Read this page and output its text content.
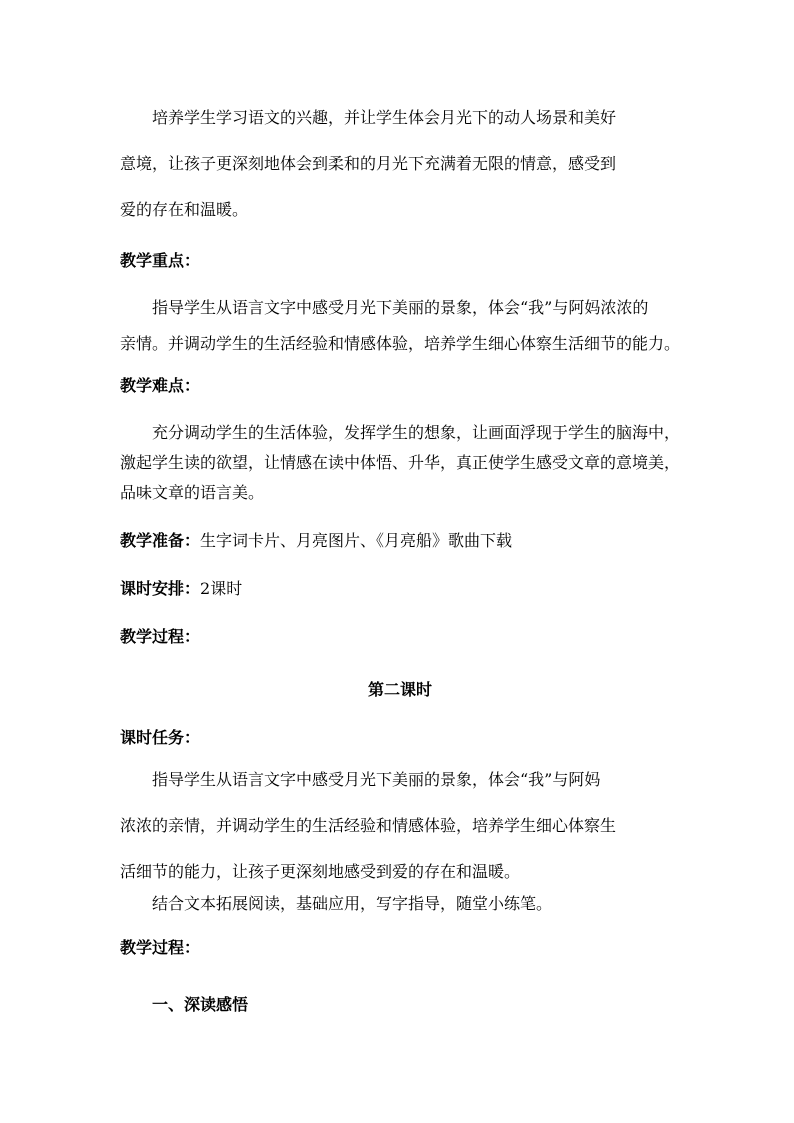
培养学生学习语文的兴趣，并让学生体会月光下的动人场景和美好
意境，让孩子更深刻地体会到柔和的月光下充满着无限的情意，感受到
爱的存在和温暖。
教学重点：
指导学生从语言文字中感受月光下美丽的景象，体会“我”与阿妈浓浓的
亲情。并调动学生的生活经验和情感体验，培养学生细心体察生活细节的能力。
教学难点：
充分调动学生的生活体验，发挥学生的想象，让画面浮现于学生的脑海中，
激起学生读的欲望，让情感在读中体悟、升华，真正使学生感受文章的意境美，
品味文章的语言美。
教学准备：生字词卡片、月亮图片、《月亮船》歌曲下载
课时安排：2课时
教学过程：
第二课时
课时任务：
指导学生从语言文字中感受月光下美丽的景象，体会“我”与阿妈
浓浓的亲情，并调动学生的生活经验和情感体验，培养学生细心体察生
活细节的能力，让孩子更深刻地感受到爱的存在和温暖。
结合文本拓展阅读，基础应用，写字指导，随堂小练笔。
教学过程：
一、深读感悟
